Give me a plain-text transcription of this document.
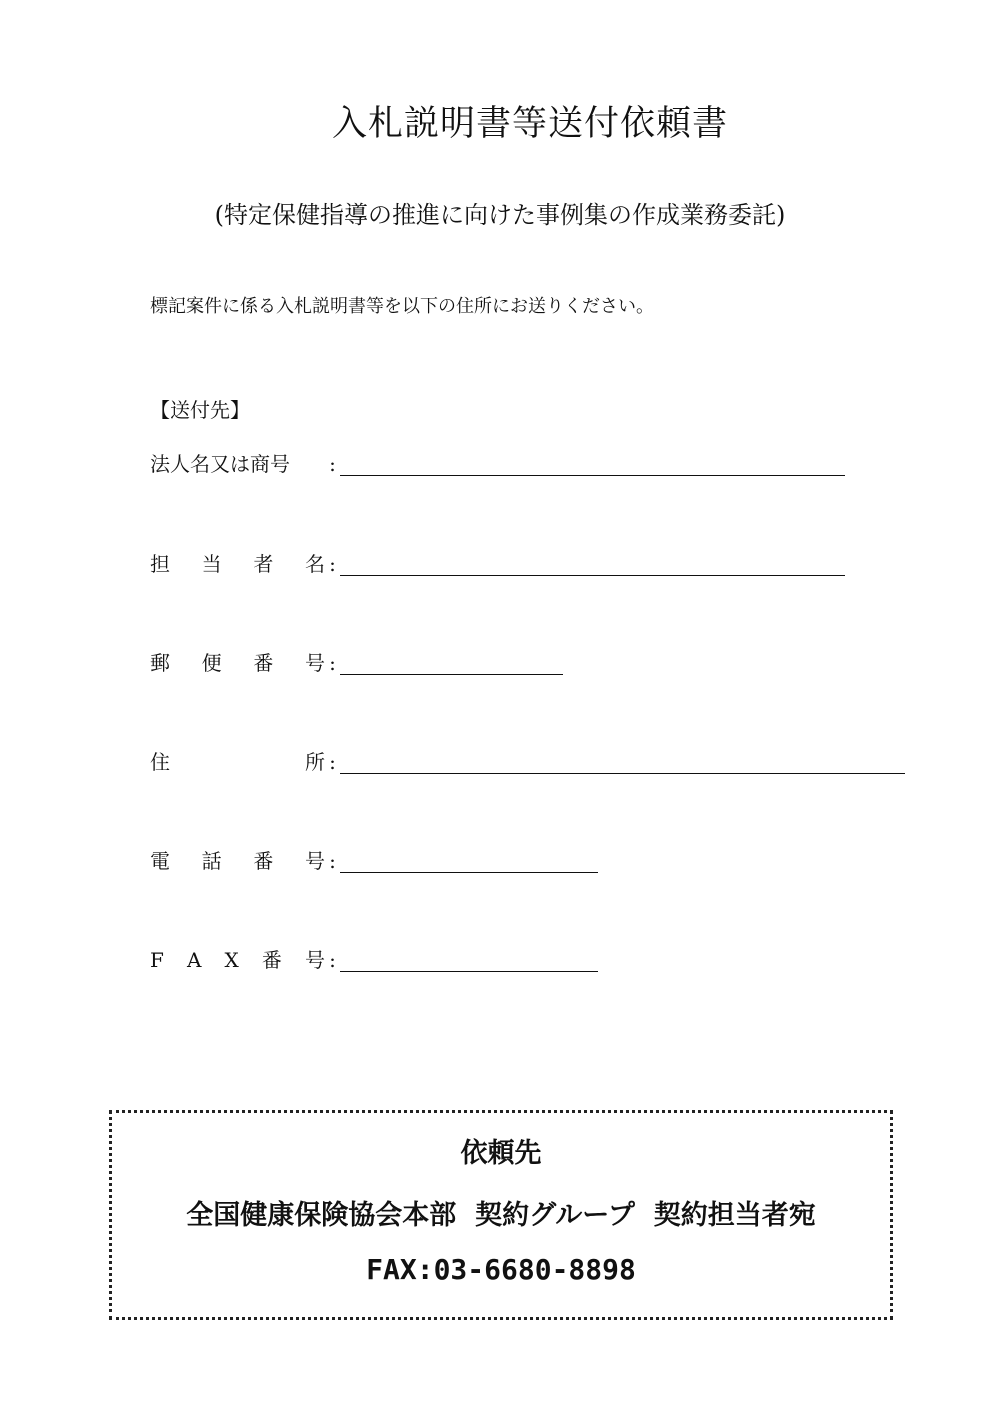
入札説明書等送付依頼書
(特定保健指導の推進に向けた事例集の作成業務委託)
標記案件に係る入札説明書等を以下の住所にお送りください。
【送付先】
法人名又は商号 :
担 当 者 名 :
郵 便 番 号 :
住	所 :
電 話 番 号 :
F A X 番 号 :
依頼先
全国健康保険協会本部  契約グループ  契約担当者宛
FAX:03-6680-8898
